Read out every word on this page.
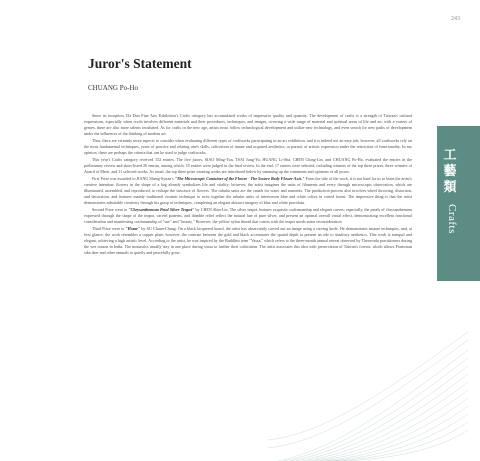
243
Juror's Statement
CHUANG Po-Ho
工
藝
類
Crafts

Since its inception, Da Dun Fine Arts Exhibition's Crafts category has accumulated works of impressive quality and quantity. The development of crafts is a strength of Taiwan's cultural expressions, especially when crafts involves different materials and their procedures, techniques, and images, covering a wide range of material and spiritual areas of life and art, with a variety of genres, there are also more talents incubated. As for crafts in the new age, artists must follow technological development and utilize new technology, and even search for new paths of development under the influences of the thinking of modern art.

Thus, there are certainly more aspects to consider when evaluating different types of craftworks participating in an art exhibition, and it is indeed not an easy job; however, all craftworks rely on the most fundamental techniques, years of practice and relating one's skills, cultivation of innate and acquired aesthetics, or pursuit of artistic expression under the restriction of functionality. In my opinion, these are perhaps the criteria that can be used to judge craftworks.

This year's Crafts category received 152 entries. The five jurors, SIAO Ming-Tun, TSAI Jung-Yu, HUANG Li-Sha, CHEN Ching-Lin, and CHUANG Po-Ho, evaluated the entries in the preliminary review and short-listed 20 entries, among which, 19 entries were judged in the final review. In the end, 17 entries were selected, including winners of the top three prizes, three winners of Award of Merit, and 11 selected works. As usual, the top three prize winning works are introduced below by summing up the comments and opinions of all jurors.

First Prize was awarded to JIANG Sheng-Syuan's "The Microscopic Container of the Flower - The Source Body Flower Axis." From the title of the work, it is not hard for us to learn the artist's creative intention: flowers in the shape of a bag already symbolizes life and vitality; however, the artist imagines the units of filaments and every through microscopic observation, which are illuminated, assembled, and reproduced, to reshape the structure of flowers. The tubular units are the canals for water and nutrients. The production process also involves wheel throwing, distortion, and decoration, and features mainly traditional ceramic technique to twist together the tubular units of interwoven blue and white colors in varied forms. The impressive thing is that the artist demonstrates admirable creativity through his grasp of techniques, completing an elegant abstract imagery of blue and white porcelain.

Second Prize went to "Chrysanthemum Petal Silver Teapot" by CHEN Shin-Lin. The silver teapot features exquisite craftsmanship and elegant curves; especially, the petals of chrysanthemum expressed through the shape of the teapot, carved patterns, and thimble relief reflect the natural hue of pure silver, and present an optimal overall visual effect, demonstrating excellent functional consideration and manifesting craftsmanship of "use" and "beauty." However, the yellow nylon thread that comes with the teapot needs some reconsideration.

Third Prize went to "Home" by SU Chuan-Chang. On a black lacquered board, the artist has observantly carved out an image using a carving knife. He demonstrates mature techniques, and, at first glance, the work resembles a copper plate; however, the contrast between the gold and black accentuates the spatial depth to present an ode to shadowy aesthetics. This work is tranquil and elegant, achieving a high artistic level. According to the artist, he was inspired by the Buddhist term "Vassa," which refers to the three-month annual retreat observed by Theravada practitioners during the wet season in India. The monastics usually stay in one place during vassa to further their cultivation. The artist associates this idea with preservation of Taiwan's forests, which allows Formosan sika deer and other animals to quietly and peacefully grow.
